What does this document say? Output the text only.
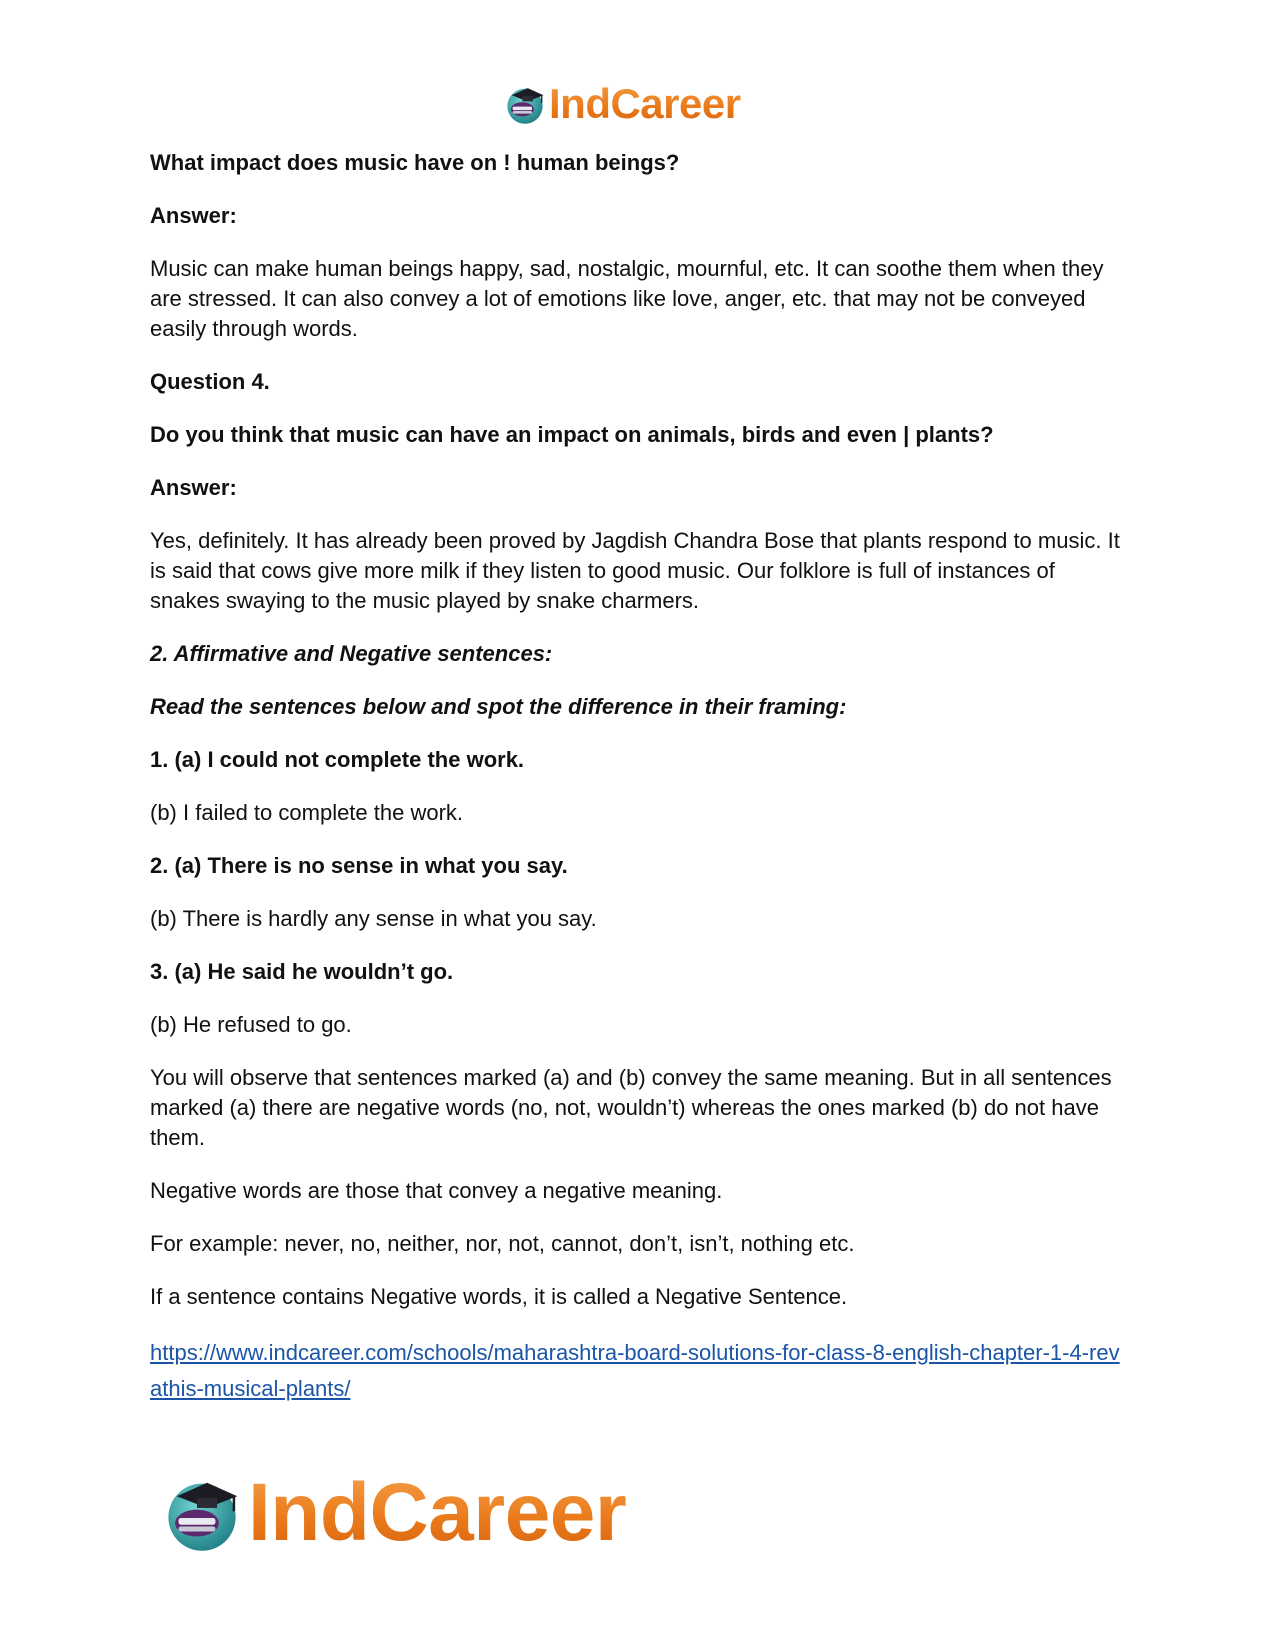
IndCareer

What impact does music have on ! human beings?

Answer:

Music can make human beings happy, sad, nostalgic, mournful, etc. It can soothe them when they are stressed. It can also convey a lot of emotions like love, anger, etc. that may not be conveyed easily through words.

Question 4.

Do you think that music can have an impact on animals, birds and even | plants?

Answer:

Yes, definitely. It has already been proved by Jagdish Chandra Bose that plants respond to music. It is said that cows give more milk if they listen to good music. Our folklore is full of instances of snakes swaying to the music played by snake charmers.

2. Affirmative and Negative sentences:

Read the sentences below and spot the difference in their framing:

1. (a) I could not complete the work.

(b) I failed to complete the work.

2. (a) There is no sense in what you say.

(b) There is hardly any sense in what you say.

3. (a) He said he wouldn’t go.

(b) He refused to go.

You will observe that sentences marked (a) and (b) convey the same meaning. But in all sentences marked (a) there are negative words (no, not, wouldn’t) whereas the ones marked (b) do not have them.

Negative words are those that convey a negative meaning.

For example: never, no, neither, nor, not, cannot, don’t, isn’t, nothing etc.

If a sentence contains Negative words, it is called a Negative Sentence.

https://www.indcareer.com/schools/maharashtra-board-solutions-for-class-8-english-chapter-1-4-revathis-musical-plants/
IndCareer
